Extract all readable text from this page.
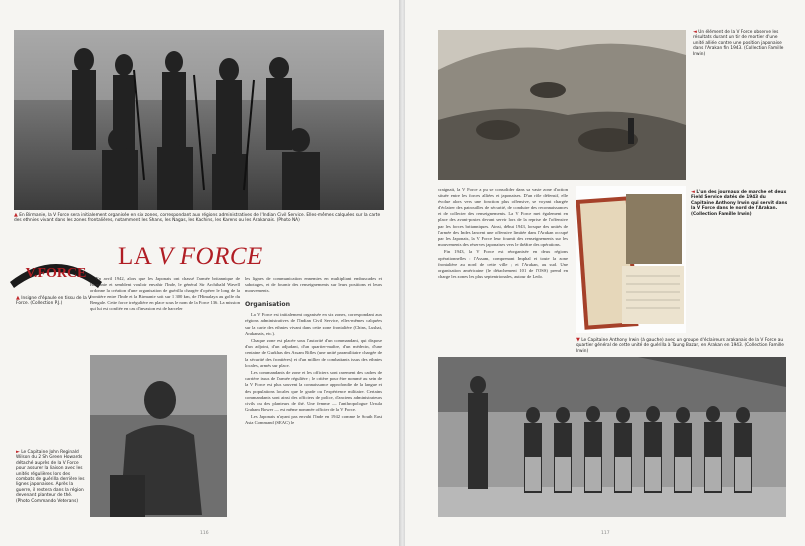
▲ En Birmanie, la V Force sera initialement organisée en six zones, correspondant aux régions administratives de l'Indian Civil Service. Elles-mêmes calquées sur la carte des ethnies vivant dans les zones frontalières, notamment les Shans, les Nagas, les Kachins, les Karens ou les Arakanais. (Photo NA)
V.FORCE
▲ Insigne d'épaule en tissu de la V Force. (Collection P.J.)
LA V FORCE

En avril 1942, alors que les Japonais ont chassé l'armée britannique de Birmanie et semblent vouloir envahir l'Inde, le général Sir Archibald Wavell ordonne la création d'une organisation de guérilla chargée d'opérer le long de la frontière entre l'Inde et la Birmanie soit sur 1 300 km, de l'Himalaya au golfe du Bengale. Cette force irrégulière en place sous le nom de la Force 136. La mission qui lui est confiée en cas d'invasion est de harceler

► Le Capitaine John Reginald Wilson du 2 Sh Green Howards détaché auprès de la V Force pour assurer la liaison avec les unités régulières lors des combats de guérilla derrière les lignes japonaises. Après la guerre, il restera dans la région devenant planteur de thé. (Photo Commando Veterans)

les lignes de communication ennemies en multipliant embuscades et sabotages, et de fournir des renseignements sur leurs positions et leurs mouvements.

Organisation

La V Force est initialement organisée en six zones, correspondant aux régions administratives de l'Indian Civil Service, elles-mêmes calquées sur la carte des ethnies vivant dans cette zone frontalière (Chins, Lushai, Arakanais, etc.).

Chaque zone est placée sous l'autorité d'un commandant, qui dispose d'un adjoint, d'un adjudant, d'un quartier-maître, d'un médecin, d'une centaine de Gurkhas des Assam Rifles (une unité paramilitaire chargée de la sécurité des frontières) et d'un millier de combattants issus des ethnies locales, armés sur place.

Les commandants de zone et les officiers sont rarement des cadres de carrière issus de l'armée régulière ; le critère pour être nommé au sein de la V Force est plus souvent la connaissance approfondie de la langue et des populations locales que le grade ou l'expérience militaire. Certains commandants sont ainsi des officiers de police, d'anciens administrateurs civils ou des planteurs de thé. Une femme — l'anthropologue Ursula Graham Bower — est même nommée officier de la V Force.

Les Japonais n'ayant pas envahi l'Inde en 1942 comme le South East Asia Command (SEAC) le

116
◄ Un élément de la V Force observe les résultats durant un tir de mortier d'une unité alliée contre une position japonaise dans l'Arakan fin 1943. (Collection Famille Irwin)

craignait, la V Force a pu se consolider dans sa vaste zone d'action située entre les forces alliées et japonaises. D'un rôle défensif, elle évolue alors vers une fonction plus offensive, se voyant chargée d'éclairer des patrouilles de sécurité, de conduire des reconnaissances et de collecter des renseignements. La V Force met également en place des avant-postes devant servir lors de la reprise de l'offensive par les forces britanniques. Ainsi, début 1943, lorsque des unités de l'armée des Indes lancent une offensive limitée dans l'Arakan occupé par les Japonais, la V Force leur fournit des renseignements sur les mouvements des réserves japonaises vers le théâtre des opérations.

Fin 1943, la V Force est réorganisée en deux régions opérationnelles : l'Assam, comprenant Imphal et toute la zone frontalière au nord de cette ville ; et l'Arakan, au sud. Une organisation américaine (le détachement 101 de l'OSS) prend en charge les zones les plus septentrionales, autour de Ledo.

◄ L'un des journaux de marche et deux Field Service datés de 1943 du Capitaine Anthony Irwin qui servit dans la V Force dans le nord de l'Arakan. (Collection Famille Irwin)
▼ Le Capitaine Anthony Irwin (à gauche) avec un groupe d'éclaireurs arakanais de la V Force au quartier général de cette unité de guérilla à Taung Bazar, en Arakan en 1943. (Collection Famille Irwin)
117
